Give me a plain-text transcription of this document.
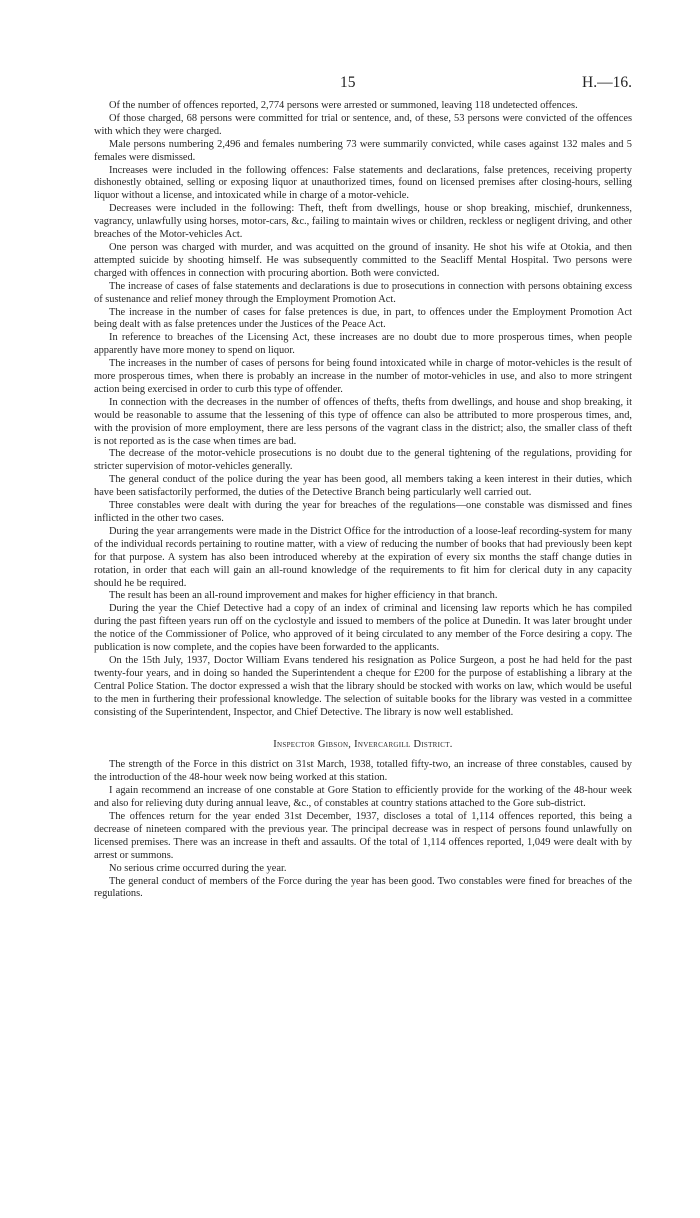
15	H.—16.

Of the number of offences reported, 2,774 persons were arrested or summoned, leaving 118 undetected offences.

Of those charged, 68 persons were committed for trial or sentence, and, of these, 53 persons were convicted of the offences with which they were charged.

Male persons numbering 2,496 and females numbering 73 were summarily convicted, while cases against 132 males and 5 females were dismissed.

Increases were included in the following offences: False statements and declarations, false pretences, receiving property dishonestly obtained, selling or exposing liquor at unauthorized times, found on licensed premises after closing-hours, selling liquor without a license, and intoxicated while in charge of a motor-vehicle.

Decreases were included in the following: Theft, theft from dwellings, house or shop breaking, mischief, drunkenness, vagrancy, unlawfully using horses, motor-cars, &c., failing to maintain wives or children, reckless or negligent driving, and other breaches of the Motor-vehicles Act.

One person was charged with murder, and was acquitted on the ground of insanity. He shot his wife at Otokia, and then attempted suicide by shooting himself. He was subsequently committed to the Seacliff Mental Hospital. Two persons were charged with offences in connection with procuring abortion. Both were convicted.

The increase of cases of false statements and declarations is due to prosecutions in connection with persons obtaining excess of sustenance and relief money through the Employment Promotion Act.

The increase in the number of cases for false pretences is due, in part, to offences under the Employment Promotion Act being dealt with as false pretences under the Justices of the Peace Act.

In reference to breaches of the Licensing Act, these increases are no doubt due to more prosperous times, when people apparently have more money to spend on liquor.

The increases in the number of cases of persons for being found intoxicated while in charge of motor-vehicles is the result of more prosperous times, when there is probably an increase in the number of motor-vehicles in use, and also to more stringent action being exercised in order to curb this type of offender.

In connection with the decreases in the number of offences of thefts, thefts from dwellings, and house and shop breaking, it would be reasonable to assume that the lessening of this type of offence can also be attributed to more prosperous times, and, with the provision of more employment, there are less persons of the vagrant class in the district; also, the smaller class of theft is not reported as is the case when times are bad.

The decrease of the motor-vehicle prosecutions is no doubt due to the general tightening of the regulations, providing for stricter supervision of motor-vehicles generally.

The general conduct of the police during the year has been good, all members taking a keen interest in their duties, which have been satisfactorily performed, the duties of the Detective Branch being particularly well carried out.

Three constables were dealt with during the year for breaches of the regulations—one constable was dismissed and fines inflicted in the other two cases.

During the year arrangements were made in the District Office for the introduction of a loose-leaf recording-system for many of the individual records pertaining to routine matter, with a view of reducing the number of books that had previously been kept for that purpose. A system has also been introduced whereby at the expiration of every six months the staff change duties in rotation, in order that each will gain an all-round knowledge of the requirements to fit him for clerical duty in any capacity should he be required.

The result has been an all-round improvement and makes for higher efficiency in that branch.

During the year the Chief Detective had a copy of an index of criminal and licensing law reports which he has compiled during the past fifteen years run off on the cyclostyle and issued to members of the police at Dunedin. It was later brought under the notice of the Commissioner of Police, who approved of it being circulated to any member of the Force desiring a copy. The publication is now complete, and the copies have been forwarded to the applicants.

On the 15th July, 1937, Doctor William Evans tendered his resignation as Police Surgeon, a post he had held for the past twenty-four years, and in doing so handed the Superintendent a cheque for £200 for the purpose of establishing a library at the Central Police Station. The doctor expressed a wish that the library should be stocked with works on law, which would be useful to the men in furthering their professional knowledge. The selection of suitable books for the library was vested in a committee consisting of the Superintendent, Inspector, and Chief Detective. The library is now well established.

Inspector Gibson, Invercargill District.

The strength of the Force in this district on 31st March, 1938, totalled fifty-two, an increase of three constables, caused by the introduction of the 48-hour week now being worked at this station.

I again recommend an increase of one constable at Gore Station to efficiently provide for the working of the 48-hour week and also for relieving duty during annual leave, &c., of constables at country stations attached to the Gore sub-district.

The offences return for the year ended 31st December, 1937, discloses a total of 1,114 offences reported, this being a decrease of nineteen compared with the previous year. The principal decrease was in respect of persons found unlawfully on licensed premises. There was an increase in theft and assaults. Of the total of 1,114 offences reported, 1,049 were dealt with by arrest or summons.

No serious crime occurred during the year.

The general conduct of members of the Force during the year has been good. Two constables were fined for breaches of the regulations.
